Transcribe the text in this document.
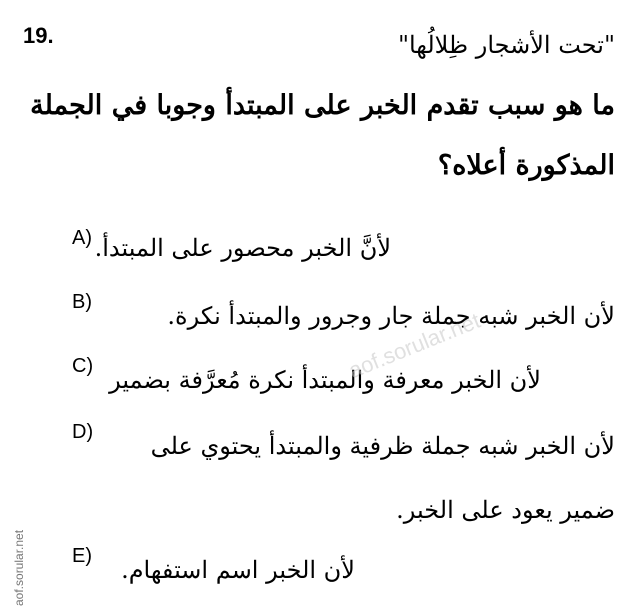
19.	"تحت الأشجار ظِلالُها"
ما هو سبب تقدم الخبر على المبتدأ وجوبا في الجملة
المذكورة أعلاه؟
A) لأنَّ الخبر محصور على المبتدأ.
B)	لأن الخبر شبه جملة جار وجرور والمبتدأ نكرة.
C) لأن الخبر معرفة والمبتدأ نكرة مُعرَّفة بضمير
D) لأن الخبر شبه جملة ظرفية والمبتدأ يحتوي على
ضمير يعود على الخبر.
E) لأن الخبر اسم استفهام.
aof.sorular.net
aof.sorular.net
